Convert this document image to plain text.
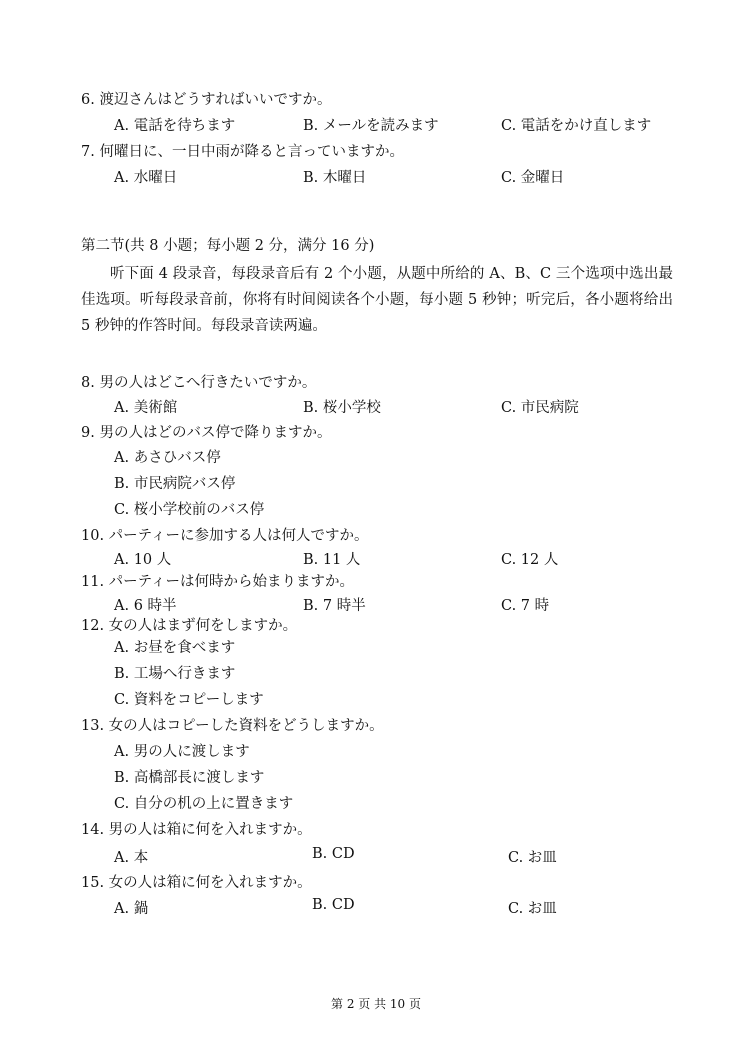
6. 渡辺さんはどうすればいいですか。
A. 電話を待ちます	B. メールを読みます	C. 電話をかけ直します
7. 何曜日に、一日中雨が降ると言っていますか。
A. 水曜日	B. 木曜日	C. 金曜日
第二节(共 8 小题；每小题 2 分，满分 16 分)
听下面 4 段录音，每段录音后有 2 个小题，从题中所给的 A、B、C 三个选项中选出最佳选项。听每段录音前，你将有时间阅读各个小题，每小题 5 秒钟；听完后，各小题将给出 5 秒钟的作答时间。每段录音读两遍。
8. 男の人はどこへ行きたいですか。
A. 美術館	B. 桜小学校	C. 市民病院
9. 男の人はどのバス停で降りますか。
A. あさひバス停
B. 市民病院バス停
C. 桜小学校前のバス停
10. パーティーに参加する人は何人ですか。
A. 10 人	B. 11 人	C. 12 人
11. パーティーは何時から始まりますか。
A. 6 時半	B. 7 時半	C. 7 時
12. 女の人はまず何をしますか。
A. お昼を食べます
B. 工場へ行きます
C. 資料をコピーします
13. 女の人はコピーした資料をどうしますか。
A. 男の人に渡します
B. 高橋部長に渡します
C. 自分の机の上に置きます
14. 男の人は箱に何を入れますか。
A. 本	B. CD	C. お皿
15. 女の人は箱に何を入れますか。
A. 鍋	B. CD	C. お皿
第 2 页 共 10 页
